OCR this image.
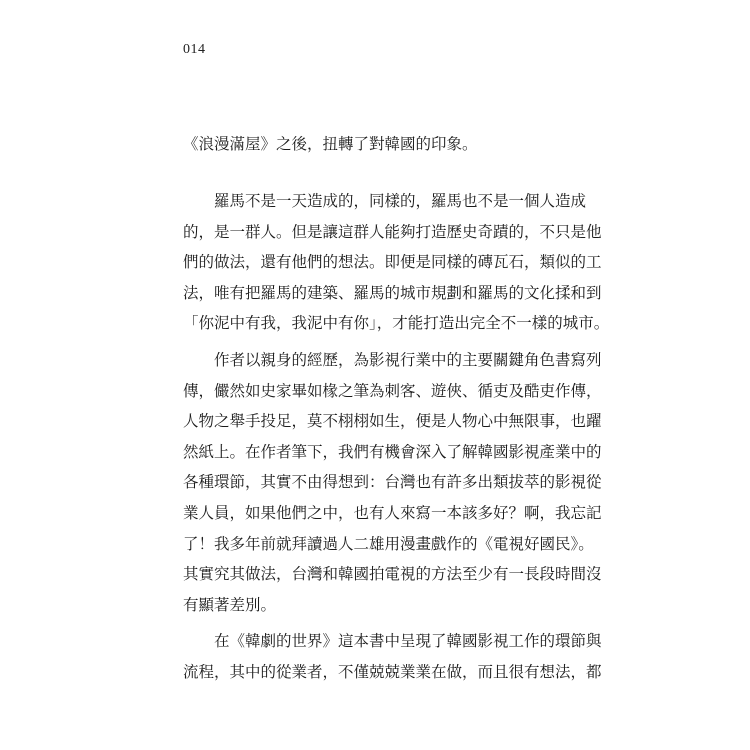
014
《浪漫滿屋》之後，扭轉了對韓國的印象。
　　羅馬不是一天造成的，同樣的，羅馬也不是一個人造成
的，是一群人。但是讓這群人能夠打造歷史奇蹟的，不只是他
們的做法，還有他們的想法。即便是同樣的磚瓦石，類似的工
法，唯有把羅馬的建築、羅馬的城市規劃和羅馬的文化揉和到
「你泥中有我，我泥中有你」，才能打造出完全不一樣的城市。
　　作者以親身的經歷，為影視行業中的主要關鍵角色書寫列
傳，儼然如史家畢如椽之筆為刺客、遊俠、循吏及酷吏作傳，
人物之舉手投足，莫不栩栩如生，便是人物心中無限事，也躍
然紙上。在作者筆下，我們有機會深入了解韓國影視產業中的
各種環節，其實不由得想到：台灣也有許多出類拔萃的影視從
業人員，如果他們之中，也有人來寫一本該多好？啊，我忘記
了！我多年前就拜讀過人二雄用漫畫戲作的《電視好國民》。
其實究其做法，台灣和韓國拍電視的方法至少有一長段時間沒
有顯著差別。
　　在《韓劇的世界》這本書中呈現了韓國影視工作的環節與
流程，其中的從業者，不僅兢兢業業在做，而且很有想法，都
